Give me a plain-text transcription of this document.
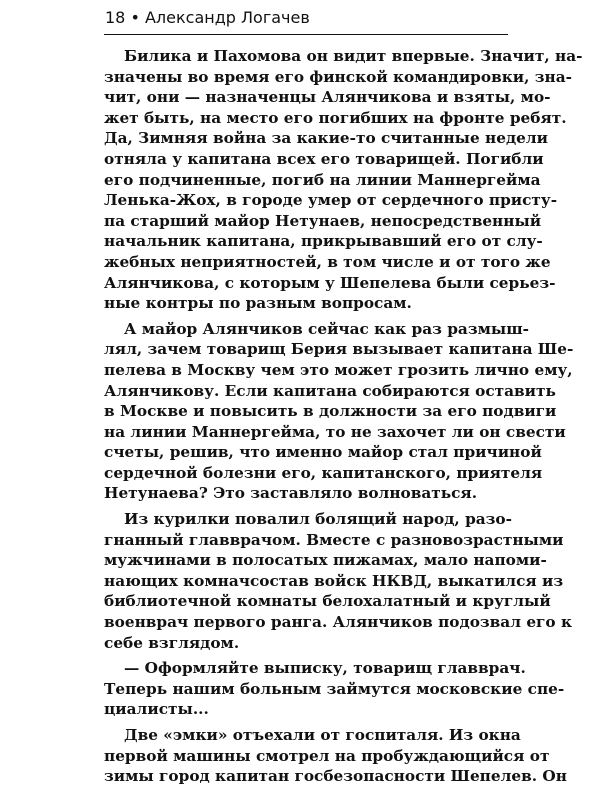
18 • Александр Логачев

Билика и Пахомова он видит впервые. Значит, на-
значены во время его финской командировки, зна-
чит, они — назначенцы Алянчикова и взяты, мо-
жет быть, на место его погибших на фронте ребят.
Да, Зимняя война за какие-то считанные недели
отняла у капитана всех его товарищей. Погибли
его подчиненные, погиб на линии Маннергейма
Ленька-Жох, в городе умер от сердечного присту-
па старший майор Нетунаев, непосредственный
начальник капитана, прикрывавший его от слу-
жебных неприятностей, в том числе и от того же
Алянчикова, с которым у Шепелева были серьез-
ные контры по разным вопросам.

А майор Алянчиков сейчас как раз размыш-
лял, зачем товарищ Берия вызывает капитана Ше-
пелева в Москву чем это может грозить лично ему,
Алянчикову. Если капитана собираются оставить
в Москве и повысить в должности за его подвиги
на линии Маннергейма, то не захочет ли он свести
счеты, решив, что именно майор стал причиной
сердечной болезни его, капитанского, приятеля
Нетунаева? Это заставляло волноваться.

Из курилки повалил болящий народ, разо-
гнанный главврачом. Вместе с разновозрастными
мужчинами в полосатых пижамах, мало напоми-
нающих комначсостав войск НКВД, выкатился из
библиотечной комнаты белохалатный и круглый
военврач первого ранга. Алянчиков подозвал его к
себе взглядом.

— Оформляйте выписку, товарищ главврач.
Теперь нашим больным займутся московские спе-
циалисты...

Две «эмки» отъехали от госпиталя. Из окна
первой машины смотрел на пробуждающийся от
зимы город капитан госбезопасности Шепелев. Он
